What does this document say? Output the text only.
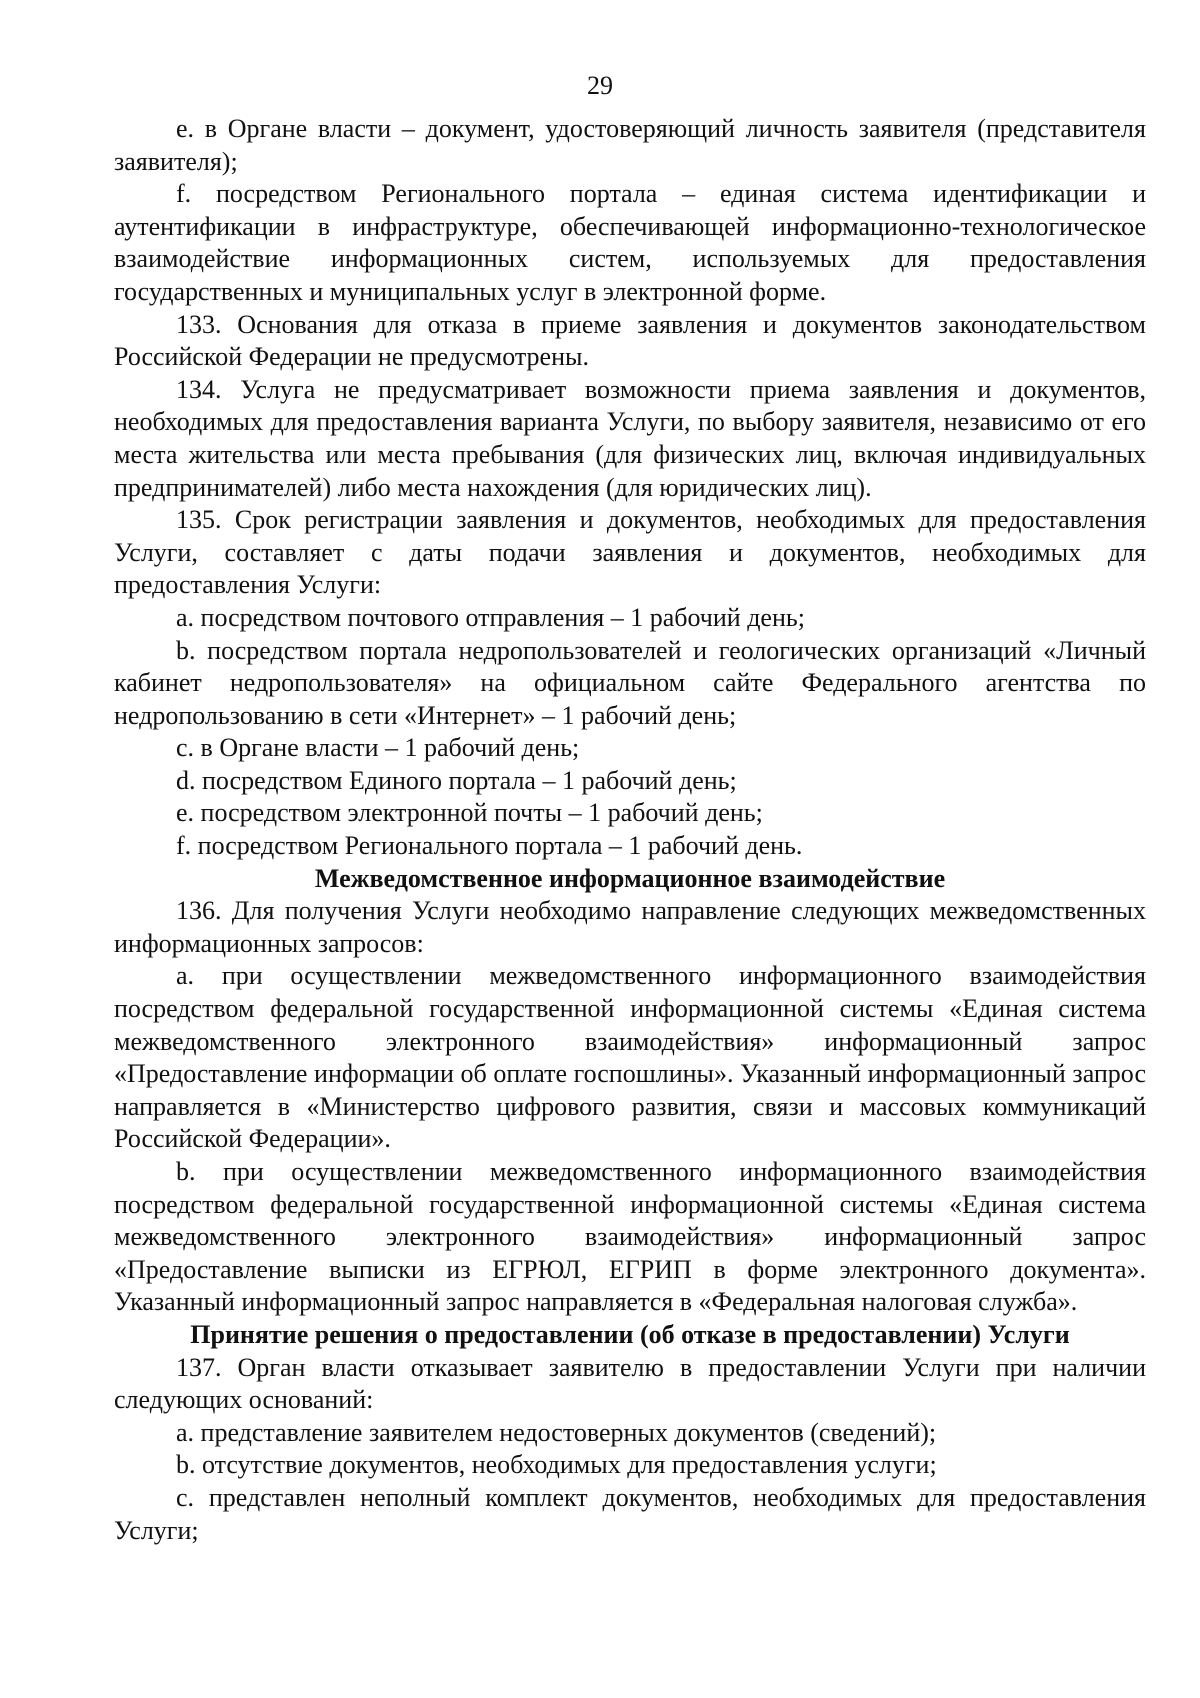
29

e. в Органе власти – документ, удостоверяющий личность заявителя (представителя заявителя);

f. посредством Регионального портала – единая система идентификации и аутентификации в инфраструктуре, обеспечивающей информационно-технологическое взаимодействие информационных систем, используемых для предоставления государственных и муниципальных услуг в электронной форме.

133. Основания для отказа в приеме заявления и документов законодательством Российской Федерации не предусмотрены.

134. Услуга не предусматривает возможности приема заявления и документов, необходимых для предоставления варианта Услуги, по выбору заявителя, независимо от его места жительства или места пребывания (для физических лиц, включая индивидуальных предпринимателей) либо места нахождения (для юридических лиц).

135. Срок регистрации заявления и документов, необходимых для предоставления Услуги, составляет с даты подачи заявления и документов, необходимых для предоставления Услуги:

a. посредством почтового отправления – 1 рабочий день;

b. посредством портала недропользователей и геологических организаций «Личный кабинет недропользователя» на официальном сайте Федерального агентства по недропользованию в сети «Интернет» – 1 рабочий день;

c. в Органе власти – 1 рабочий день;

d. посредством Единого портала – 1 рабочий день;

e. посредством электронной почты – 1 рабочий день;

f. посредством Регионального портала – 1 рабочий день.

Межведомственное информационное взаимодействие

136. Для получения Услуги необходимо направление следующих межведомственных информационных запросов:

a. при осуществлении межведомственного информационного взаимодействия посредством федеральной государственной информационной системы «Единая система межведомственного электронного взаимодействия» информационный запрос «Предоставление информации об оплате госпошлины». Указанный информационный запрос направляется в «Министерство цифрового развития, связи и массовых коммуникаций Российской Федерации».

b. при осуществлении межведомственного информационного взаимодействия посредством федеральной государственной информационной системы «Единая система межведомственного электронного взаимодействия» информационный запрос «Предоставление выписки из ЕГРЮЛ, ЕГРИП в форме электронного документа». Указанный информационный запрос направляется в «Федеральная налоговая служба».

Принятие решения о предоставлении (об отказе в предоставлении) Услуги

137. Орган власти отказывает заявителю в предоставлении Услуги при наличии следующих оснований:

a. представление заявителем недостоверных документов (сведений);

b. отсутствие документов, необходимых для предоставления услуги;

c. представлен неполный комплект документов, необходимых для предоставления Услуги;
